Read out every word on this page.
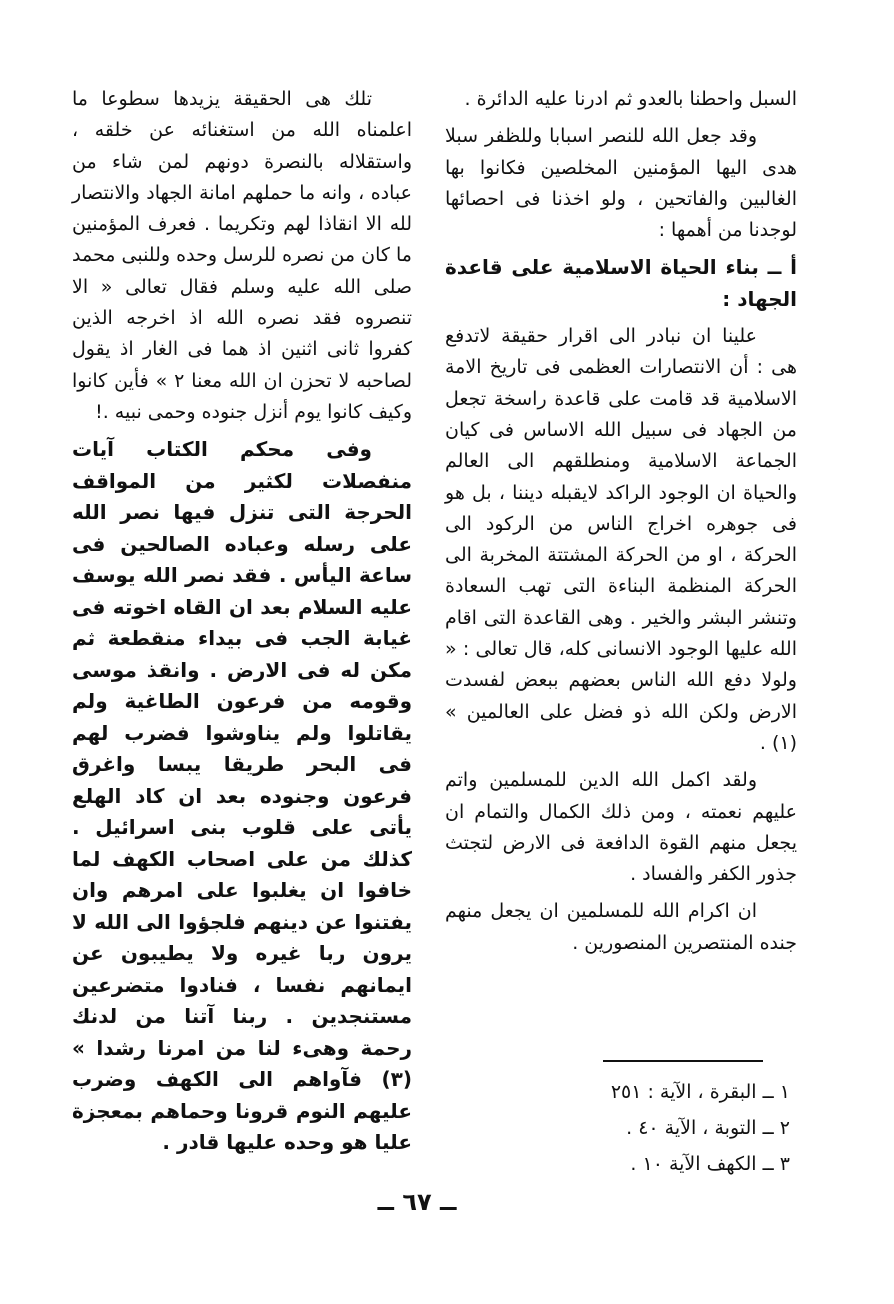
السبل واحطنا بالعدو ثم ادرنا عليه الدائرة .

وقد جعل الله للنصر اسبابا وللظفر سبلا هدى اليها المؤمنين المخلصين فكانوا بها الغالبين والفاتحين ، ولو اخذنا فى احصائها لوجدنا من أهمها :

أ ــ بناء الحياة الاسلامية على قاعدة الجهاد :

علينا ان نبادر الى اقرار حقيقة لاتدفع هى : أن الانتصارات العظمى فى تاريخ الامة الاسلامية قد قامت على قاعدة راسخة تجعل من الجهاد فى سبيل الله الاساس فى كيان الجماعة الاسلامية ومنطلقهم الى العالم والحياة ان الوجود الراكد لايقبله ديننا ، بل هو فى جوهره اخراج الناس من الركود الى الحركة ، او من الحركة المشتتة المخربة الى الحركة المنظمة البناءة التى تهب السعادة وتنشر البشر والخير . وهى القاعدة التى اقام الله عليها الوجود الانسانى كله، قال تعالى : « ولولا دفع الله الناس بعضهم ببعض لفسدت الارض ولكن الله ذو فضل على العالمين » (١) .

ولقد اكمل الله الدين للمسلمين واتم عليهم نعمته ، ومن ذلك الكمال والتمام ان يجعل منهم القوة الدافعة فى الارض لتجتث جذور الكفر والفساد .

ان اكرام الله للمسلمين ان يجعل منهم جنده المنتصرين المنصورين .

تلك هى الحقيقة يزيدها سطوعا ما اعلمناه الله من استغنائه عن خلقه ، واستقلاله بالنصرة دونهم لمن شاء من عباده ، وانه ما حملهم امانة الجهاد والانتصار لله الا انقاذا لهم وتكريما . فعرف المؤمنين ما كان من نصره للرسل وحده وللنبى محمد صلى الله عليه وسلم فقال تعالى « الا تنصروه فقد نصره الله اذ اخرجه الذين كفروا ثانى اثنين اذ هما فى الغار اذ يقول لصاحبه لا تحزن ان الله معنا ٢ » فأين كانوا وكيف كانوا يوم أنزل جنوده وحمى نبيه .!

وفى محكم الكتاب آيات منفصلات لكثير من المواقف الحرجة التى تنزل فيها نصر الله على رسله وعباده الصالحين فى ساعة اليأس . فقد نصر الله يوسف عليه السلام بعد ان القاه اخوته فى غيابة الجب فى بيداء منقطعة ثم مكن له فى الارض . وانقذ موسى وقومه من فرعون الطاغية ولم يقاتلوا ولم يناوشوا فضرب لهم فى البحر طريقا يبسا واغرق فرعون وجنوده بعد ان كاد الهلع يأتى على قلوب بنى اسرائيل . كذلك من على اصحاب الكهف لما خافوا ان يغلبوا على امرهم وان يفتنوا عن دينهم فلجؤوا الى الله لا يرون ربا غيره ولا يطيبون عن ايمانهم نفسا ، فنادوا متضرعين مستنجدين . ربنا آتنا من لدنك رحمة وهىء لنا من امرنا رشدا » (٣) فآواهم الى الكهف وضرب عليهم النوم قرونا وحماهم بمعجزة عليا هو وحده عليها قادر .

١ ــ البقرة ، الآية : ٢٥١
٢ ــ التوبة ، الآية ٤٠ .
٣ ــ الكهف الآية ١٠ .
ــ ٦٧ ــ
